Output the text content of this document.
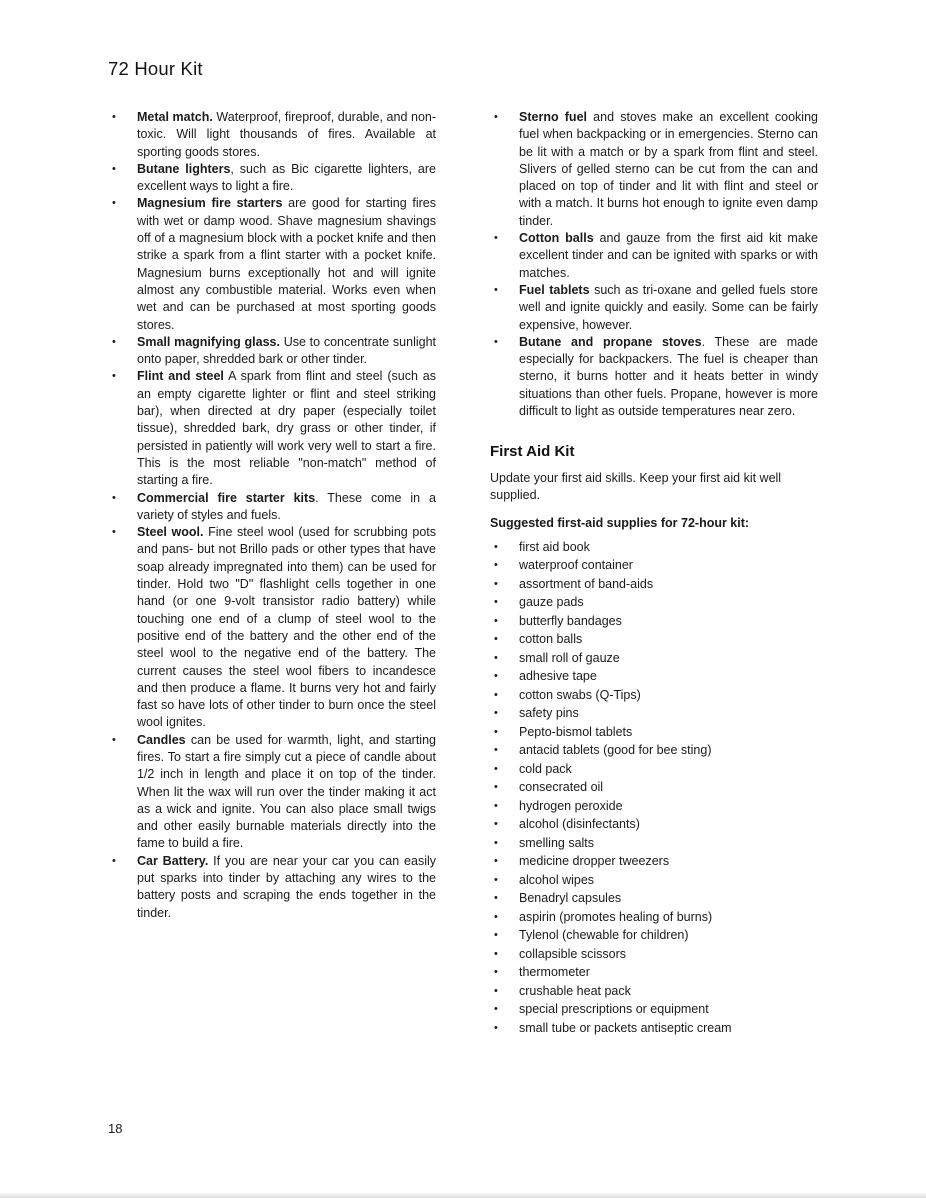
72 Hour Kit
• Metal match. Waterproof, fireproof, durable, and non-toxic. Will light thousands of fires. Available at sporting goods stores.
• Butane lighters, such as Bic cigarette lighters, are excellent ways to light a fire.
• Magnesium fire starters are good for starting fires with wet or damp wood. Shave magnesium shavings off of a magnesium block with a pocket knife and then strike a spark from a flint starter with a pocket knife. Magnesium burns exceptionally hot and will ignite almost any combustible material. Works even when wet and can be purchased at most sporting goods stores.
• Small magnifying glass. Use to concentrate sunlight onto paper, shredded bark or other tinder.
• Flint and steel A spark from flint and steel (such as an empty cigarette lighter or flint and steel striking bar), when directed at dry paper (especially toilet tissue), shredded bark, dry grass or other tinder, if persisted in patiently will work very well to start a fire. This is the most reliable "non-match" method of starting a fire.
• Commercial fire starter kits. These come in a variety of styles and fuels.
• Steel wool. Fine steel wool (used for scrubbing pots and pans- but not Brillo pads or other types that have soap already impregnated into them) can be used for tinder. Hold two "D" flashlight cells together in one hand (or one 9-volt transistor radio battery) while touching one end of a clump of steel wool to the positive end of the battery and the other end of the steel wool to the negative end of the battery. The current causes the steel wool fibers to incandesce and then produce a flame. It burns very hot and fairly fast so have lots of other tinder to burn once the steel wool ignites.
• Candles can be used for warmth, light, and starting fires. To start a fire simply cut a piece of candle about 1/2 inch in length and place it on top of the tinder. When lit the wax will run over the tinder making it act as a wick and ignite. You can also place small twigs and other easily burnable materials directly into the fame to build a fire.
• Car Battery. If you are near your car you can easily put sparks into tinder by attaching any wires to the battery posts and scraping the ends together in the tinder.
• Sterno fuel and stoves make an excellent cooking fuel when backpacking or in emergencies. Sterno can be lit with a match or by a spark from flint and steel. Slivers of gelled sterno can be cut from the can and placed on top of tinder and lit with flint and steel or with a match. It burns hot enough to ignite even damp tinder.
• Cotton balls and gauze from the first aid kit make excellent tinder and can be ignited with sparks or with matches.
• Fuel tablets such as tri-oxane and gelled fuels store well and ignite quickly and easily. Some can be fairly expensive, however.
• Butane and propane stoves. These are made especially for backpackers. The fuel is cheaper than sterno, it burns hotter and it heats better in windy situations than other fuels. Propane, however is more difficult to light as outside temperatures near zero.
First Aid Kit

Update your first aid skills. Keep your first aid kit well supplied.

Suggested first-aid supplies for 72-hour kit:

• first aid book
• waterproof container
• assortment of band-aids
• gauze pads
• butterfly bandages
• cotton balls
• small roll of gauze
• adhesive tape
• cotton swabs (Q-Tips)
• safety pins
• Pepto-bismol tablets
• antacid tablets (good for bee sting)
• cold pack
• consecrated oil
• hydrogen peroxide
• alcohol (disinfectants)
• smelling salts
• medicine dropper tweezers
• alcohol wipes
• Benadryl capsules
• aspirin (promotes healing of burns)
• Tylenol (chewable for children)
• collapsible scissors
• thermometer
• crushable heat pack
• special prescriptions or equipment
• small tube or packets antiseptic cream
18
